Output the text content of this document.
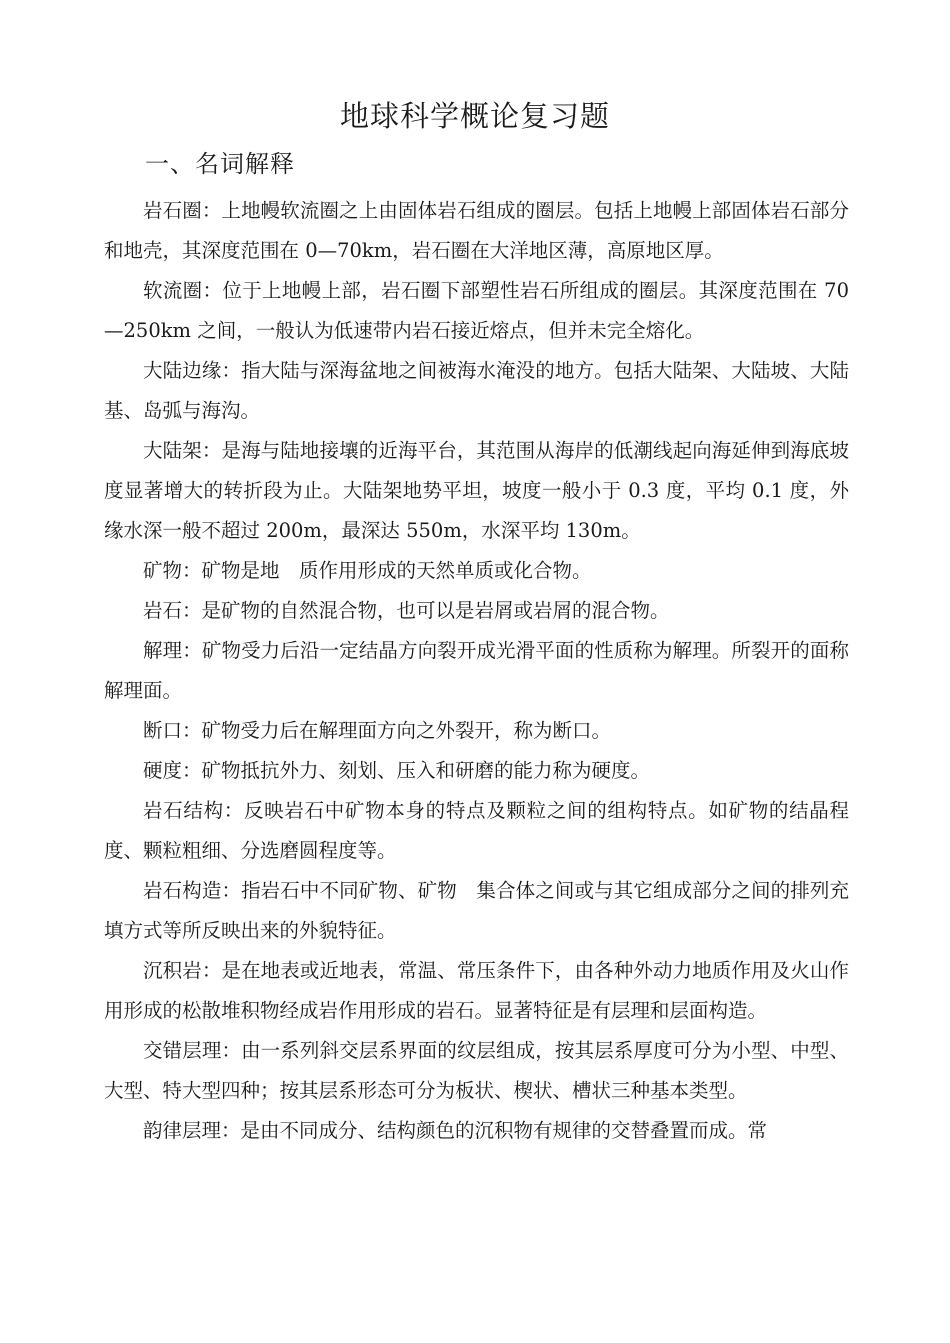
地球科学概论复习题
一、名词解释

岩石圈：上地幔软流圈之上由固体岩石组成的圈层。包括上地幔上部固体岩石部分和地壳，其深度范围在 0—70km，岩石圈在大洋地区薄，高原地区厚。

软流圈：位于上地幔上部，岩石圈下部塑性岩石所组成的圈层。其深度范围在 70—250km 之间，一般认为低速带内岩石接近熔点，但并未完全熔化。

大陆边缘：指大陆与深海盆地之间被海水淹没的地方。包括大陆架、大陆坡、大陆基、岛弧与海沟。

大陆架：是海与陆地接壤的近海平台，其范围从海岸的低潮线起向海延伸到海底坡度显著增大的转折段为止。大陆架地势平坦，坡度一般小于 0.3 度，平均 0.1 度，外缘水深一般不超过 200m，最深达 550m，水深平均 130m。

矿物：矿物是地　质作用形成的天然单质或化合物。

岩石：是矿物的自然混合物，也可以是岩屑或岩屑的混合物。

解理：矿物受力后沿一定结晶方向裂开成光滑平面的性质称为解理。所裂开的面称解理面。

断口：矿物受力后在解理面方向之外裂开，称为断口。

硬度：矿物抵抗外力、刻划、压入和研磨的能力称为硬度。

岩石结构：反映岩石中矿物本身的特点及颗粒之间的组构特点。如矿物的结晶程度、颗粒粗细、分选磨圆程度等。

岩石构造：指岩石中不同矿物、矿物　集合体之间或与其它组成部分之间的排列充填方式等所反映出来的外貌特征。

沉积岩：是在地表或近地表，常温、常压条件下，由各种外动力地质作用及火山作用形成的松散堆积物经成岩作用形成的岩石。显著特征是有层理和层面构造。

交错层理：由一系列斜交层系界面的纹层组成，按其层系厚度可分为小型、中型、大型、特大型四种；按其层系形态可分为板状、楔状、槽状三种基本类型。

韵律层理：是由不同成分、结构颜色的沉积物有规律的交替叠置而成。常
